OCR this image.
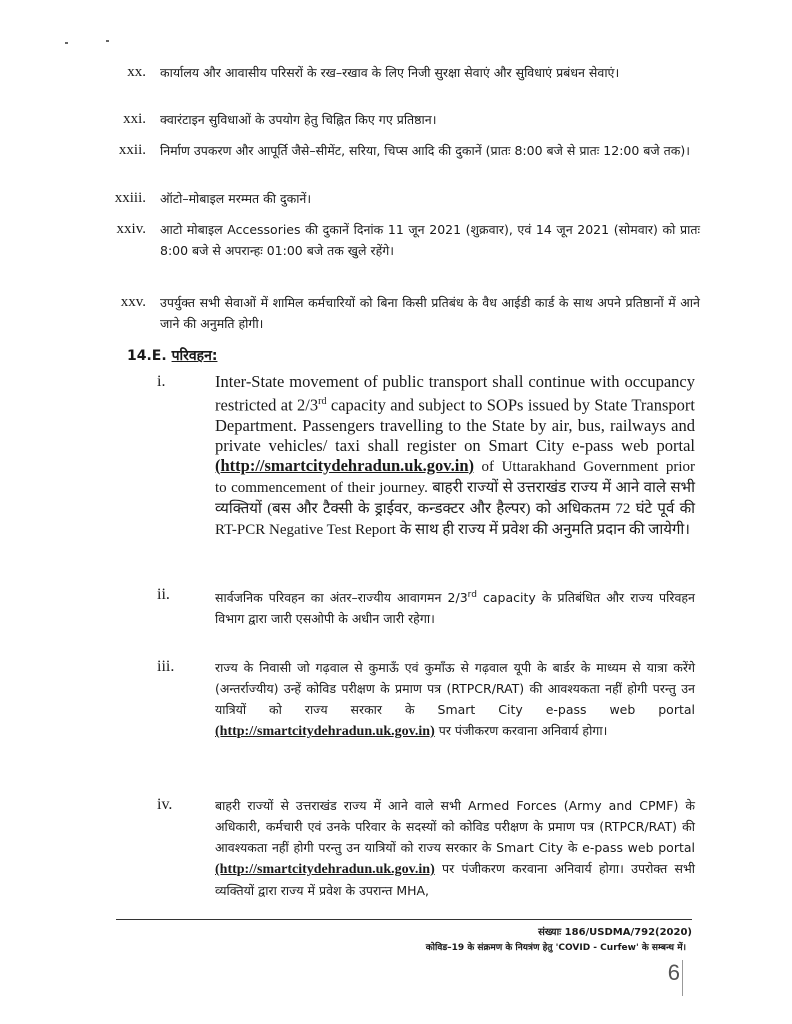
xx. कार्यालय और आवासीय परिसरों के रख–रखाव के लिए निजी सुरक्षा सेवाएं और सुविधाएं प्रबंधन सेवाएं।
xxi. क्वारंटाइन सुविधाओं के उपयोग हेतु चिह्नित किए गए प्रतिष्ठान।
xxii. निर्माण उपकरण और आपूर्ति जैसे–सीमेंट, सरिया, चिप्स आदि की दुकानें (प्रातः 8:00 बजे से प्रातः 12:00 बजे तक)।
xxiii. ऑटो–मोबाइल मरम्मत की दुकानें।
xxiv. आटो मोबाइल Accessories की दुकानें दिनांक 11 जून 2021 (शुक्रवार), एवं 14 जून 2021 (सोमवार) को प्रातः 8:00 बजे से अपरान्हः 01:00 बजे तक खुले रहेंगे।
xxv. उपर्युक्त सभी सेवाओं में शामिल कर्मचारियों को बिना किसी प्रतिबंध के वैध आईडी कार्ड के साथ अपने प्रतिष्ठानों में आने जाने की अनुमति होगी।
14.E. परिवहन:
i.	Inter-State movement of public transport shall continue with occupancy restricted at 2/3rd capacity and subject to SOPs issued by State Transport Department. Passengers travelling to the State by air, bus, railways and private vehicles/ taxi shall register on Smart City e-pass web portal (http://smartcitydehradun.uk.gov.in) of Uttarakhand Government prior to commencement of their journey. बाहरी राज्यों से उत्तराखंड राज्य में आने वाले सभी व्यक्तियों (बस और टैक्सी के ड्राईवर, कन्डक्टर और हैल्पर) को अधिकतम 72 घंटे पूर्व की RT-PCR Negative Test Report के साथ ही राज्य में प्रवेश की अनुमति प्रदान की जायेगी।
ii.	सार्वजनिक परिवहन का अंतर–राज्यीय आवागमन 2/3rd capacity के प्रतिबंधित और राज्य परिवहन विभाग द्वारा जारी एसओपी के अधीन जारी रहेगा।
iii.	राज्य के निवासी जो गढ़वाल से कुमाऊँ एवं कुमाँऊ से गढ़वाल यूपी के बार्डर के माध्यम से यात्रा करेंगे (अन्तर्राज्यीय) उन्हें कोविड परीक्षण के प्रमाण पत्र (RTPCR/RAT) की आवश्यकता नहीं होगी परन्तु उन यात्रियों को राज्य सरकार के Smart City e-pass web portal (http://smartcitydehradun.uk.gov.in) पर पंजीकरण करवाना अनिवार्य होगा।
iv.	बाहरी राज्यों से उत्तराखंड राज्य में आने वाले सभी Armed Forces (Army and CPMF) के अधिकारी, कर्मचारी एवं उनके परिवार के सदस्यों को कोविड परीक्षण के प्रमाण पत्र (RTPCR/RAT) की आवश्यकता नहीं होगी परन्तु उन यात्रियों को राज्य सरकार के Smart City के e-pass web portal (http://smartcitydehradun.uk.gov.in) पर पंजीकरण करवाना अनिवार्य होगा। उपरोक्त सभी व्यक्तियों द्वारा राज्य में प्रवेश के उपरान्त MHA,
संख्याः 186/USDMA/792(2020)
कोविड–19 के संक्रमण के नियत्रंण हेतु 'COVID - Curfew' के सम्बन्ध में।
6
